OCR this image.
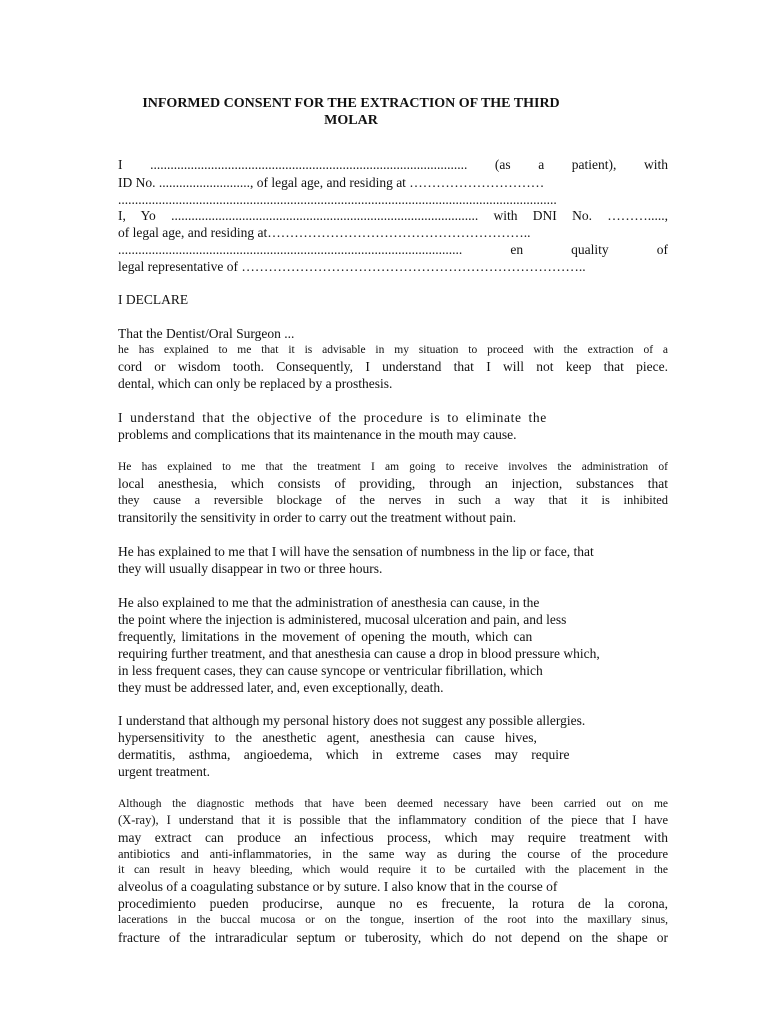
INFORMED CONSENT FOR THE EXTRACTION OF THE THIRD
MOLAR
I .............................................................................................. (as a patient), with
ID No. ..........................., of legal age, and residing at …………………………
..................................................................................................................................
I, Yo ........................................................................................... with DNI No. ……….....,
of legal age, and residing at…………………………………………………..
...................................................................................................... en quality of
legal representative of …………………………………………………………………..
I DECLARE
That the Dentist/Oral Surgeon ...
he has explained to me that it is advisable in my situation to proceed with the extraction of a
cord or wisdom tooth. Consequently, I understand that I will not keep that piece.
dental, which can only be replaced by a prosthesis.
I understand that the objective of the procedure is to eliminate the
problems and complications that its maintenance in the mouth may cause.
He has explained to me that the treatment I am going to receive involves the administration of
local anesthesia, which consists of providing, through an injection, substances that
they cause a reversible blockage of the nerves in such a way that it is inhibited
transitorily the sensitivity in order to carry out the treatment without pain.
He has explained to me that I will have the sensation of numbness in the lip or face, that
they will usually disappear in two or three hours.
He also explained to me that the administration of anesthesia can cause, in the
the point where the injection is administered, mucosal ulceration and pain, and less
frequently, limitations in the movement of opening the mouth, which can
requiring further treatment, and that anesthesia can cause a drop in blood pressure which,
in less frequent cases, they can cause syncope or ventricular fibrillation, which
they must be addressed later, and, even exceptionally, death.
I understand that although my personal history does not suggest any possible allergies.
hypersensitivity to the anesthetic agent, anesthesia can cause hives,
dermatitis, asthma, angioedema, which in extreme cases may require
urgent treatment.
Although the diagnostic methods that have been deemed necessary have been carried out on me
(X-ray), I understand that it is possible that the inflammatory condition of the piece that I have
may extract can produce an infectious process, which may require treatment with
antibiotics and anti-inflammatories, in the same way as during the course of the procedure
it can result in heavy bleeding, which would require it to be curtailed with the placement in the
alveolus of a coagulating substance or by suture. I also know that in the course of
procedimiento pueden producirse, aunque no es frecuente, la rotura de la corona,
lacerations in the buccal mucosa or on the tongue, insertion of the root into the maxillary sinus,
fracture of the intraradicular septum or tuberosity, which do not depend on the shape or
